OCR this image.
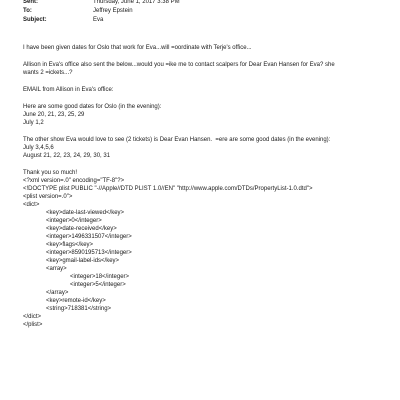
Sent:	Thursday, June 1, 2017 3:38 PM
To:	Jeffrey Epstein
Subject:	Eva
I have been given dates for Oslo that work for Eva...will =oordinate with Terje's office...
Allison in Eva's office also sent the below...would you =ike me to contact scalpers for Dear Evan Hansen for Eva? she
wants 2 =ickets...?
EMAIL from Allison in Eva's office:
Here are some good dates for Oslo (in the evening):
June 20, 21, 23, 25, 29
July 1,2
The other show Eva would love to see (2 tickets) is Dear Evan Hansen.  =ere are some good dates (in the evening):
July 3,4,5,6
August 21, 22, 23, 24, 29, 30, 31
Thank you so much!
<?xml version=.0" encoding="TF-8"?>
<!DOCTYPE plist PUBLIC "-//Apple//DTD PLIST 1.0//EN" "http://www.apple.com/DTDs/PropertyList-1.0.dtd">
<plist version=.0">
<dict>
<key>date-last-viewed</key>
<integer>0</integer>
<key>date-received</key>
<integer>1496331507</integer>
<key>flags</key>
<integer>8590195713</integer>
<key>gmail-label-ids</key>
<array>
<integer>18</integer>
<integer>5</integer>
</array>
<key>remote-id</key>
<string>718381</string>
</dict>
</plist>
